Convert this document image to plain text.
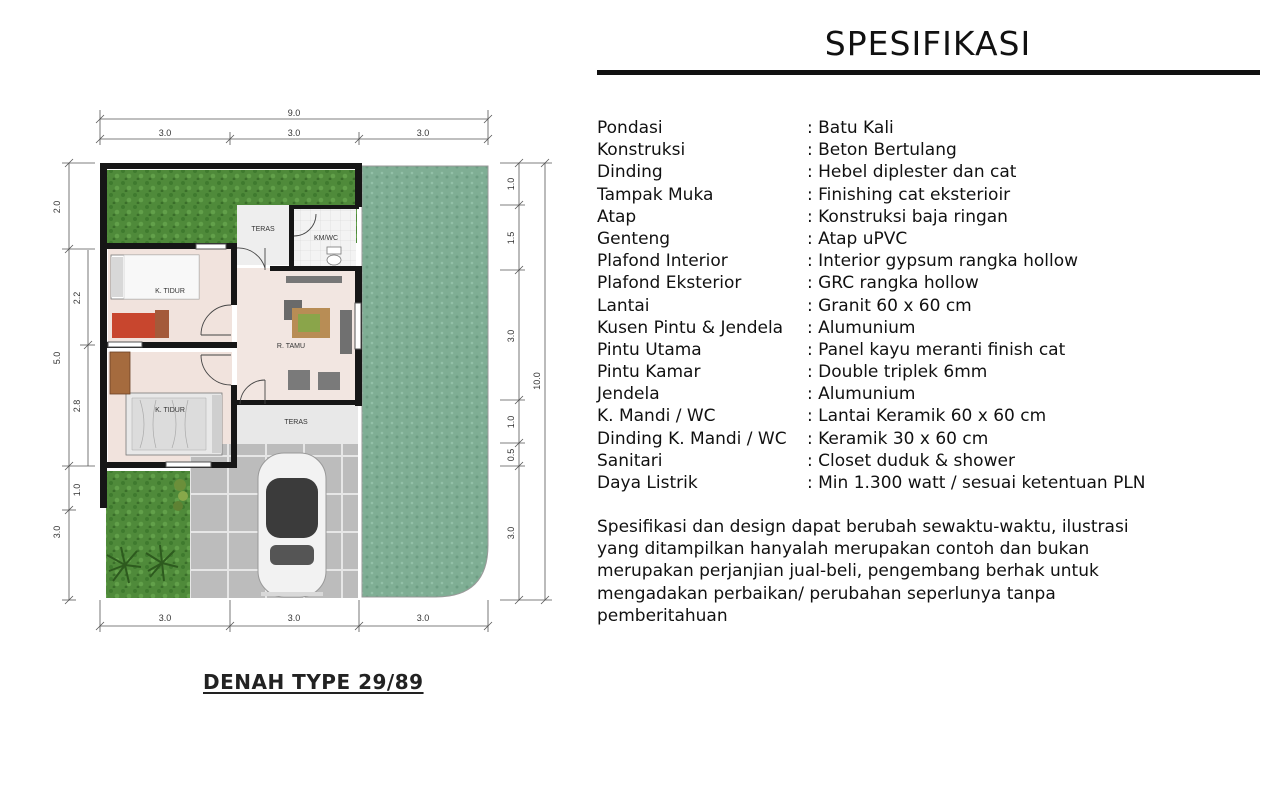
9.0
3.0	3.0	3.0
3.0	3.0	3.0
2.0
5.0
2.2
2.8
1.0
3.0
1.0
1.5
3.0
1.0
0.5
3.0
10.0
TERAS
KM/WC
K. TIDUR
R. TAMU
K. TIDUR
TERAS
DENAH TYPE 29/89
SPESIFIKASI
Pondasi	: Batu Kali
Konstruksi	: Beton Bertulang
Dinding	: Hebel diplester dan cat
Tampak Muka	: Finishing cat eksterioir
Atap	: Konstruksi baja ringan
Genteng	: Atap uPVC
Plafond Interior	: Interior gypsum rangka hollow
Plafond Eksterior	: GRC rangka hollow
Lantai	: Granit 60 x 60 cm
Kusen Pintu & Jendela : Alumunium
Pintu Utama	: Panel kayu meranti finish cat
Pintu Kamar	: Double triplek 6mm
Jendela	: Alumunium
K. Mandi / WC	: Lantai Keramik 60 x 60 cm
Dinding K. Mandi / WC : Keramik 30 x 60 cm
Sanitari	: Closet duduk & shower
Daya Listrik	: Min 1.300 watt / sesuai ketentuan PLN
Spesifikasi dan design dapat berubah sewaktu-waktu, ilustrasi
yang ditampilkan hanyalah merupakan contoh dan bukan
merupakan perjanjian jual-beli, pengembang berhak untuk
mengadakan perbaikan/ perubahan seperlunya tanpa
pemberitahuan
